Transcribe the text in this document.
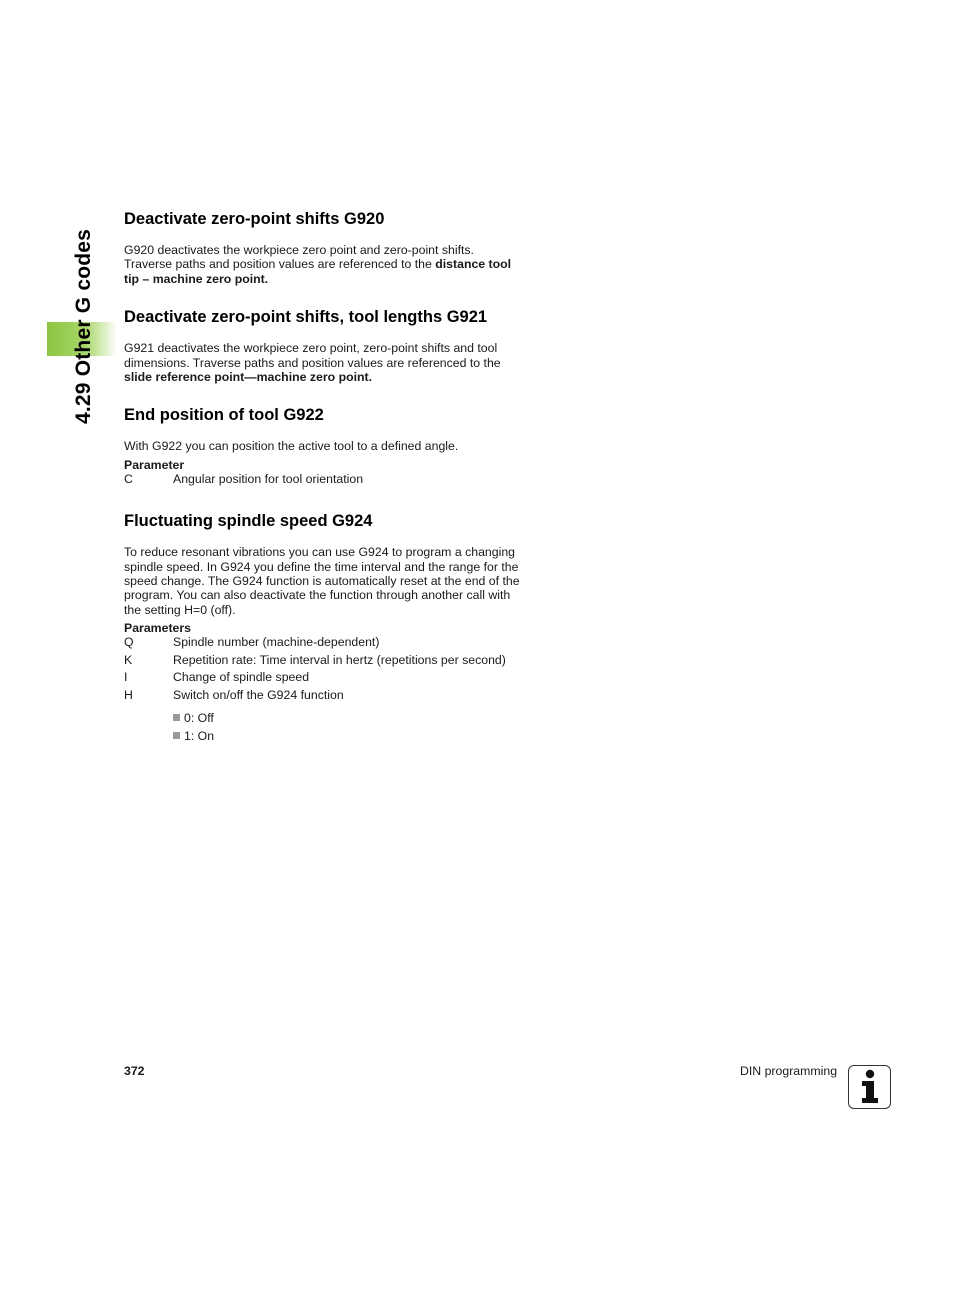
4.29 Other G codes
Deactivate zero-point shifts G920

G920 deactivates the workpiece zero point and zero-point shifts. Traverse paths and position values are referenced to the distance tool tip – machine zero point.

Deactivate zero-point shifts, tool lengths G921

G921 deactivates the workpiece zero point, zero-point shifts and tool dimensions. Traverse paths and position values are referenced to the slide reference point—machine zero point.

End position of tool G922

With G922 you can position the active tool to a defined angle.

Parameter
C	Angular position for tool orientation
Fluctuating spindle speed G924

To reduce resonant vibrations you can use G924 to program a changing spindle speed. In G924 you define the time interval and the range for the speed change. The G924 function is automatically reset at the end of the program. You can also deactivate the function through another call with the setting H=0 (off).

Parameters
Q	Spindle number (machine-dependent)
K	Repetition rate: Time interval in hertz (repetitions per second)
I	Change of spindle speed
H	Switch on/off the G924 function
0: Off
1: On
372	DIN programming
